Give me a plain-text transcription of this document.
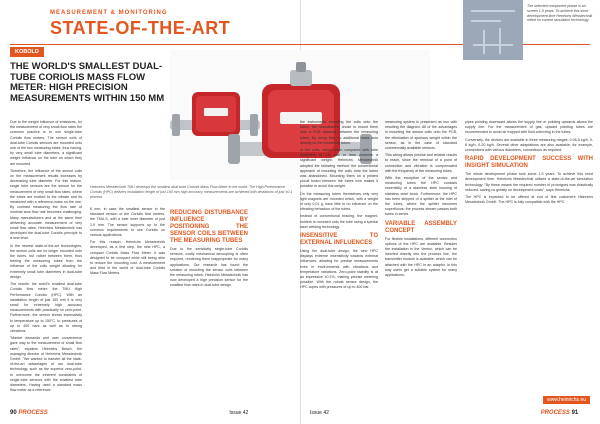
MEASUREMENT & MONITORING
STATE-OF-THE-ART
KOBOLD
THE WORLD'S SMALLEST DUAL-TUBE CORIOLIS MASS FLOW METER: HIGH PRECISION MEASUREMENTS WITHIN 150 MM

Due to the weight influence of emissions, for the measurement of very small flow rates the common practice is to use single-tube Coriolis flow meters. The sensor coils of dual-tube Coriolis sensors are mounted onto one of the two measuring tubes, thus having, by very small tube diameters, a significant weight influence on the tube on which they are mounted.

Therefore, the influence of the sensor coils on the measurement results increases by decreasing tube diameter. For this reason, single tube sensors are the sensor for the measurement of very small flow rates, where the tubes are excited to the vibrate and its measured with a reference-mass on the one. By contrast measuring the flow rate of minimal slow flow rate becomes challenging. Many manufacturers and at the same time delivering accurate measurement of very small flow rates, Heinrichs Messtechnik has developed the dual-tube Coriolis principle to a new level.

In the newest state-of-the-art technologies, the sensor coils are no longer mounted onto the tubes, but rather between them, thus freeing the measuring tubes from the influence of the coils weight allowing for extremely small tube diameters in dual-tube design.

The results: the world's smallest dual-tube Coriolis flow meter: the TMU High Performance Coriolis (HPC). With an installation length of just 150 mm it is very small for extremely high accuracy measurements with practically no zero-point. Furthermore, the sensor shows insensitivity to temperature up to 150°C, to pressures of up to 400 bars as well as to strong vibrations.

"Market demands and user convenience gave way to the measurement of small flow rates", explains Heinrichs Besch, the managing director of Heinrichs Messtechnik GmbH. "We wanted to transfer all the state-of-the-art advantages of our dual-tube technology, such as the superior zero-point, to overcome the inherent constraints of single-tube sensors with the smallest tube diameters. Having used a standard mass flow meter as a reference.

Heinrichs Messtechnik TMU develops the smallest dual-tube Coriolis Mass Flow Meter in the world. The High Performance Coriolis (HPC) delivers installation length of just 150 mm high accuracy measurements are achieved with deviations of just ±0.1 percent.

8 mm, in case the smallest sensor in the standard version of the Coriolis flow meters, the TMU-S, with a tube inner diameter of just 1.5 mm. The sensor supports up to the common requirements to use Coriolis on various applications.

For this reason, Heinrichs Messtechnik developed, as a first step, the new HPC, a compact Coriolis Mass Flow Meter. It was designed to be compact while still being able to reduce the mounting cost. A measurement and field in the world of dual-tube Coriolis Mass Flow Meters.

REDUCING DISTURBANCE INFLUENCE BY POSITIONING THE SENSOR COILS BETWEEN THE MEASURING TUBES

Due to the sensitivity single-tube Coriolis sensors, costly mechanical decoupling is often required, rendering them inappropriate for many applications. Our research has found the solution of mounting the sensor coils between the measuring tubes. Heinrichs Messtechnik has now developed a high precision sensor for the smallest flow rates in dual-tube design.

the instruments mounting the coils onto the tubes, the manufacturer chose to mount them onto a PCB attached between the measuring tubes. By doing this, no additional mass acts directly on the measuring tubes.

of the coils, which when compared with tube diameters of 1.5 mm or less presents a significant weight. Heinrichs Messtechnik adopted the following method: the conventional approach of mounting the coils onto the tubes was abandoned. Mounting them on a printed circuit board between the tubes now makes it possible to avoid this weight.

On the measuring tubes themselves only very light magnets are mounted which, with a weight of only 0.01 g, have little to no influence on the vibrating behaviour of the tubes.

Instead of conventional bracing, the magnet-holders is mounted onto the tube using a special laser welding technology.

INSENSITIVE TO EXTERNAL INFLUENCES

Using the dual-tube design, the new HPC displays extreme insensitivity towards external influences, allowing for precise measurements even in environments with vibrations and temperature variations. Zero-point stability is at an impressive ±0.1%, making precise metering possible. With the robust sensor design, the HPC copes with pressures of up to 400 bar.

measuring system is presented as two with resulting the diagram. All of the advantages in mounting the sensor coils onto the PCB, the elimination of spurious weight within the sensor, as in the case of standard commercially available sensors.

This wiring allows precise and reliable results to reach, since the removal of a point of connection and vibration is compensated with the frequency of the measuring tubes.

With the exception of the sensor and measuring tubes the HPC consists essentially of a stainless steel housing of stainless steel block. Furthermore, the HPC has been stripped of a splitter at the inlet of the tubes, where the splitter becomes superfluous: the process stream passes both tubes in series.

VARIABLE ASSEMBLY CONCEPT

For flexible installations, different connection options of the HPC are available. Besides the installation in the Venturi, which can be inserted directly into the process line, the transmitter module is available, which can be attached with the HPC in an adaptor. In this way users get a suitable system for many applications.

The selected component phase is an screen 1.5 years. To achieve this short development time Heinrichs Messtechnik relied on current simulation technology.

pipes pointing downward allows the supply line or pointing upwards allows the supply line. For the measurement of gas, upward pointing tubes are recommended to avoid air trapped with fluid collecting in the tubes.

Conversely, the devices are available in three measuring ranges: 0.05-5 kg/h, 0-8 kg/h, 0-20 kg/h. Several other adaptations are also available, for example, connections with various diameters, connections as required.

RAPID DEVELOPMENT SUCCESS WITH INSIGHT SIMULATION

The whole development phase took some 1.5 years. To achieve this short development time, Heinrichs Messtechnik utilised a state-of-the-art simulation technology. "By these means the required number of prototypes was drastically reduced, saving us greatly on development costs", says Heinrichs.

The HPC is expected to be offered at end of first customers Heinrichs Messtechnik GmbH. The HPC is fully compatible with the HPC.

www.heinrichs.eu
90 PROCESS	Issue 42	Issue 42	PROCESS 91
